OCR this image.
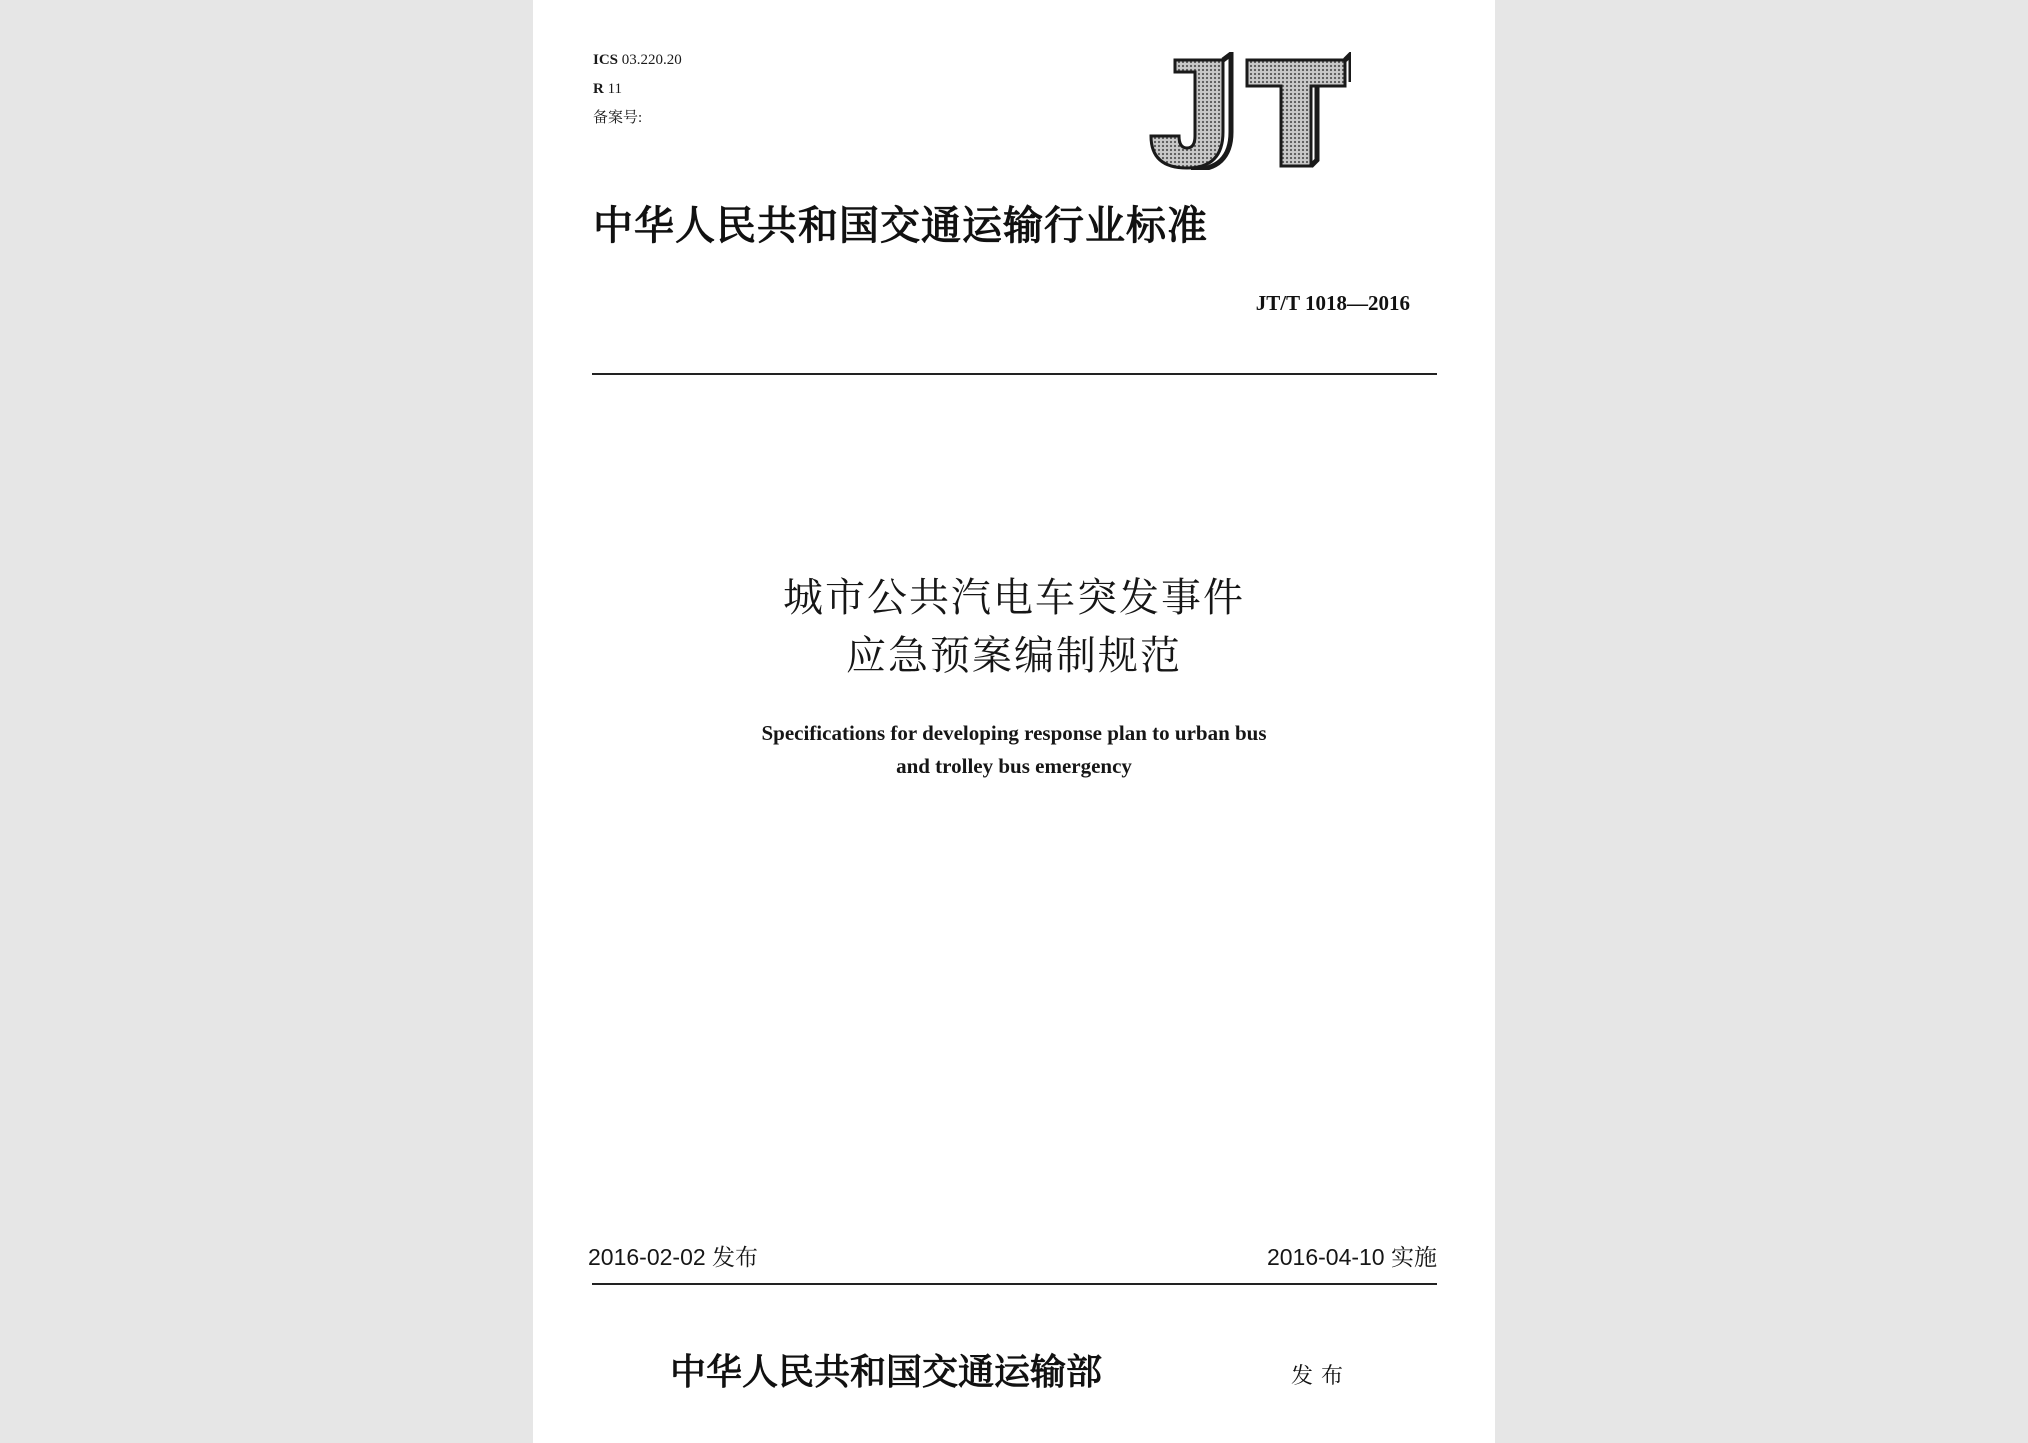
ICS 03.220.20
R 11
备案号:
中华人民共和国交通运输行业标准
JT/T 1018—2016
城市公共汽电车突发事件
应急预案编制规范
Specifications for developing response plan to urban bus
and trolley bus emergency
2016-02-02 发布	2016-04-10 实施
中华人民共和国交通运输部	发布
